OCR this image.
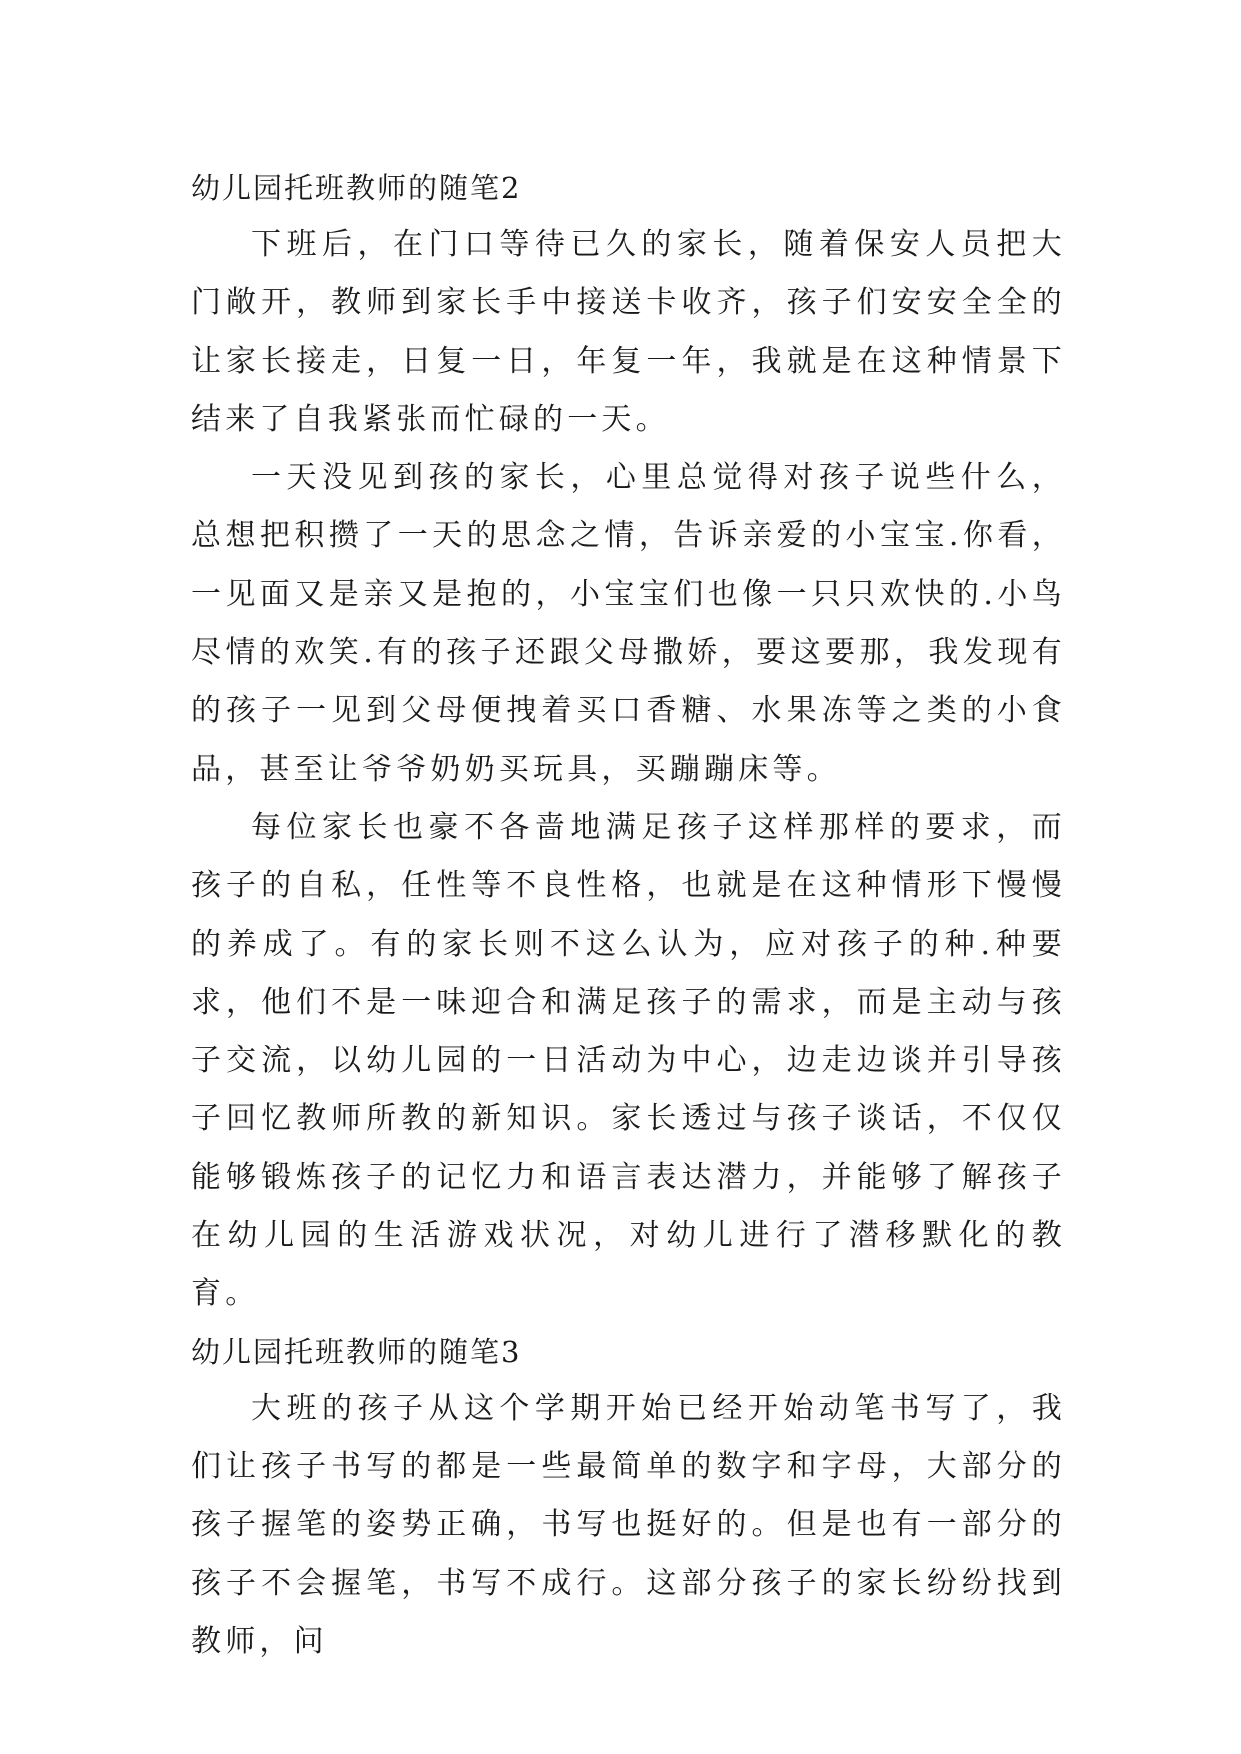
幼儿园托班教师的随笔2

下班后，在门口等待已久的家长，随着保安人员把大门敞开，教师到家长手中接送卡收齐，孩子们安安全全的让家长接走，日复一日，年复一年，我就是在这种情景下结来了自我紧张而忙碌的一天。

一天没见到孩的家长，心里总觉得对孩子说些什么，总想把积攒了一天的思念之情，告诉亲爱的小宝宝.你看，一见面又是亲又是抱的，小宝宝们也像一只只欢快的.小鸟尽情的欢笑.有的孩子还跟父母撒娇，要这要那，我发现有的孩子一见到父母便拽着买口香糖、水果冻等之类的小食品，甚至让爷爷奶奶买玩具，买蹦蹦床等。

每位家长也豪不各啬地满足孩子这样那样的要求，而孩子的自私，任性等不良性格，也就是在这种情形下慢慢的养成了。有的家长则不这么认为，应对孩子的种.种要求，他们不是一味迎合和满足孩子的需求，而是主动与孩子交流，以幼儿园的一日活动为中心，边走边谈并引导孩子回忆教师所教的新知识。家长透过与孩子谈话，不仅仅能够锻炼孩子的记忆力和语言表达潜力，并能够了解孩子在幼儿园的生活游戏状况，对幼儿进行了潜移默化的教育。

幼儿园托班教师的随笔3

大班的孩子从这个学期开始已经开始动笔书写了，我们让孩子书写的都是一些最简单的数字和字母，大部分的孩子握笔的姿势正确，书写也挺好的。但是也有一部分的孩子不会握笔，书写不成行。这部分孩子的家长纷纷找到教师，问
